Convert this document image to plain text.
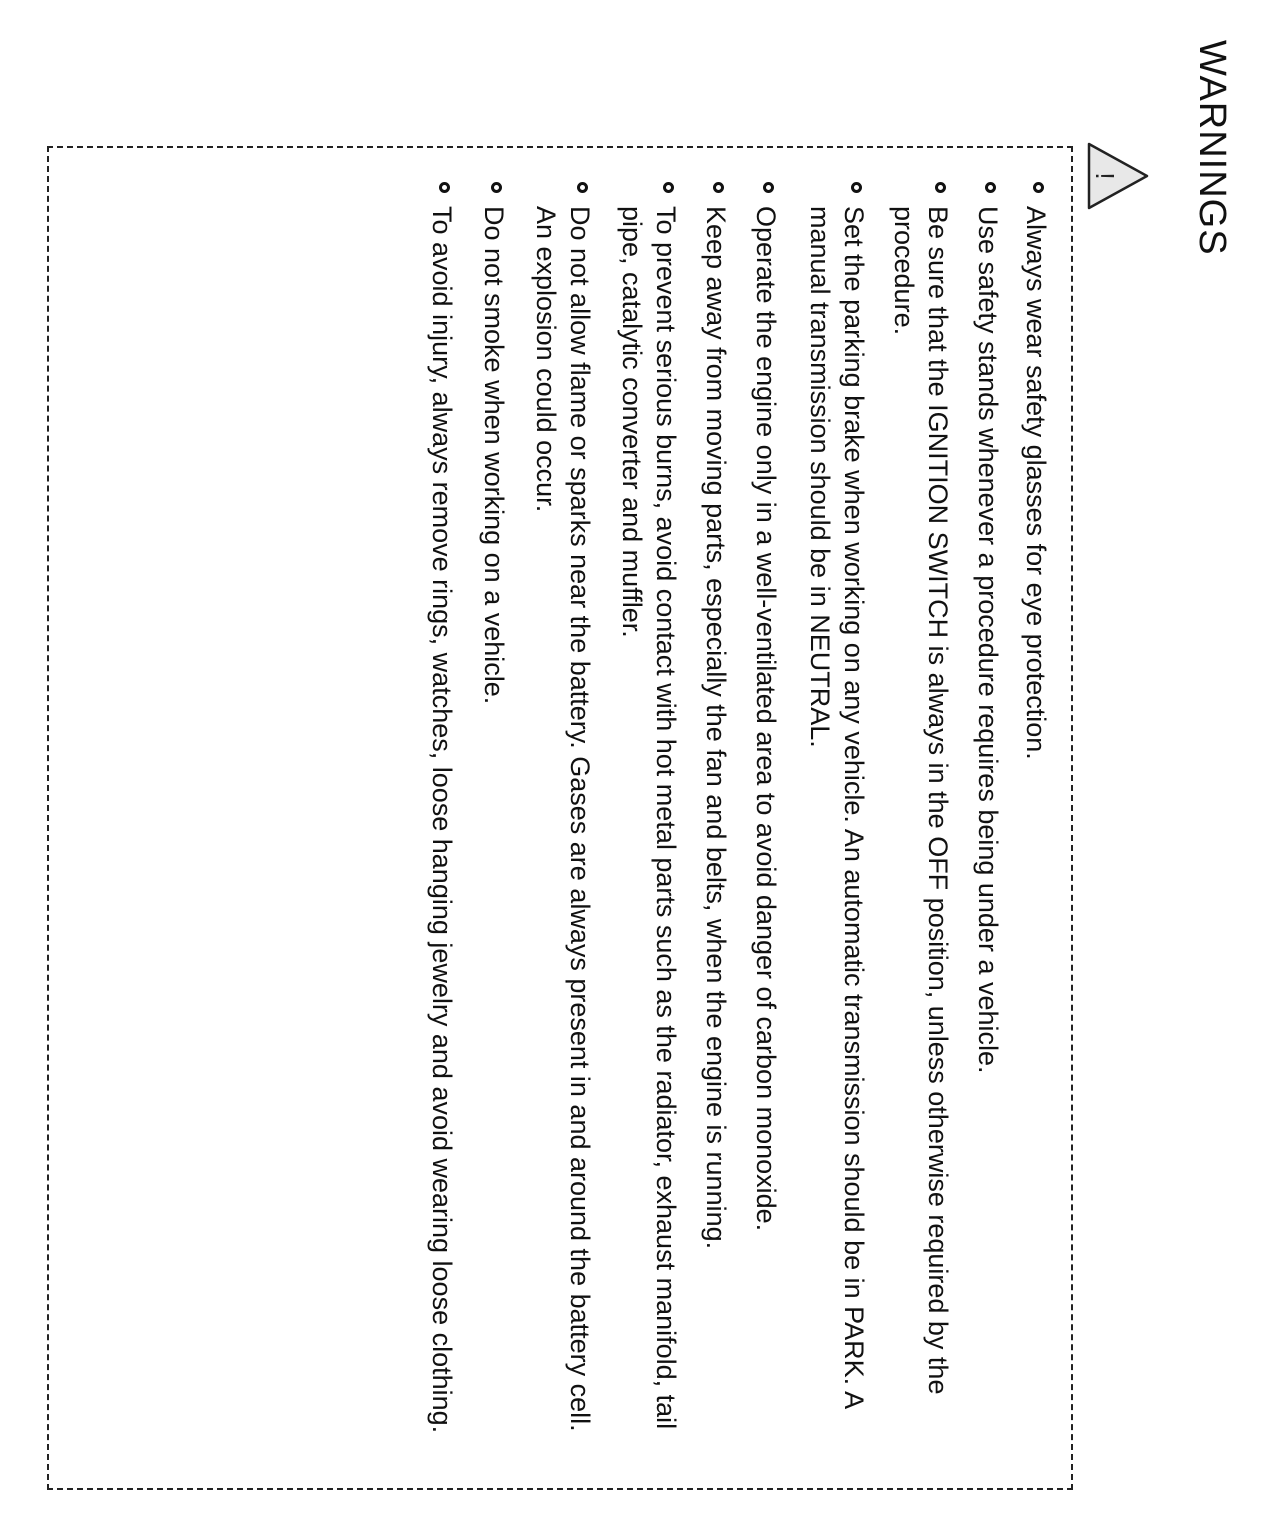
WARNINGS
!
Always wear safety glasses for eye protection.
Use safety stands whenever a procedure requires being under a vehicle.
Be sure that the IGNITION SWITCH is always in the OFF position, unless otherwise required by the procedure.
Set the parking brake when working on any vehicle. An automatic transmission should be in PARK. A manual transmission should be in NEUTRAL.
Operate the engine only in a well-ventilated area to avoid danger of carbon monoxide.
Keep away from moving parts, especially the fan and belts, when the engine is running.
To prevent serious burns, avoid contact with hot metal parts such as the radiator, exhaust manifold, tail pipe, catalytic converter and muffler.
Do not allow flame or sparks near the battery. Gases are always present in and around the battery cell. An explosion could occur.
Do not smoke when working on a vehicle.
To avoid injury, always remove rings, watches, loose hanging jewelry and avoid wearing loose clothing.
